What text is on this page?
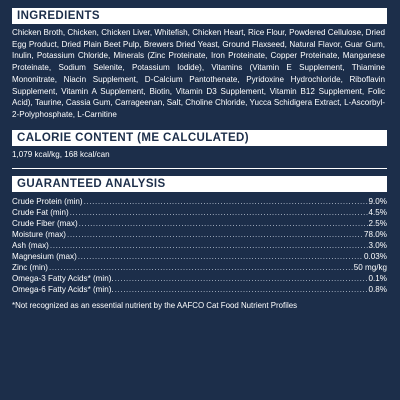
INGREDIENTS
Chicken Broth, Chicken, Chicken Liver, Whitefish, Chicken Heart, Rice Flour, Powdered Cellulose, Dried Egg Product, Dried Plain Beet Pulp, Brewers Dried Yeast, Ground Flaxseed, Natural Flavor, Guar Gum, Inulin, Potassium Chloride, Minerals (Zinc Proteinate, Iron Proteinate, Copper Proteinate, Manganese Proteinate, Sodium Selenite, Potassium Iodide), Vitamins (Vitamin E Supplement, Thiamine Mononitrate, Niacin Supplement, D-Calcium Pantothenate, Pyridoxine Hydrochloride, Riboflavin Supplement, Vitamin A Supplement, Biotin, Vitamin D3 Supplement, Vitamin B12 Supplement, Folic Acid), Taurine, Cassia Gum, Carrageenan, Salt, Choline Chloride, Yucca Schidigera Extract, L-Ascorbyl-2-Polyphosphate, L-Carnitine
CALORIE CONTENT (ME CALCULATED)
1,079 kcal/kg, 168 kcal/can
GUARANTEED ANALYSIS
Crude Protein (min) .....	9.0%
Crude Fat (min) .....	4.5%
Crude Fiber (max) .....	2.5%
Moisture (max) .....	78.0%
Ash (max) .....	3.0%
Magnesium (max) .....	0.03%
Zinc (min) .....	50 mg/kg
Omega-3 Fatty Acids* (min). .....	0.1%
Omega-6 Fatty Acids* (min). .....	0.8%
*Not recognized as an essential nutrient by the AAFCO Cat Food Nutrient Profiles
